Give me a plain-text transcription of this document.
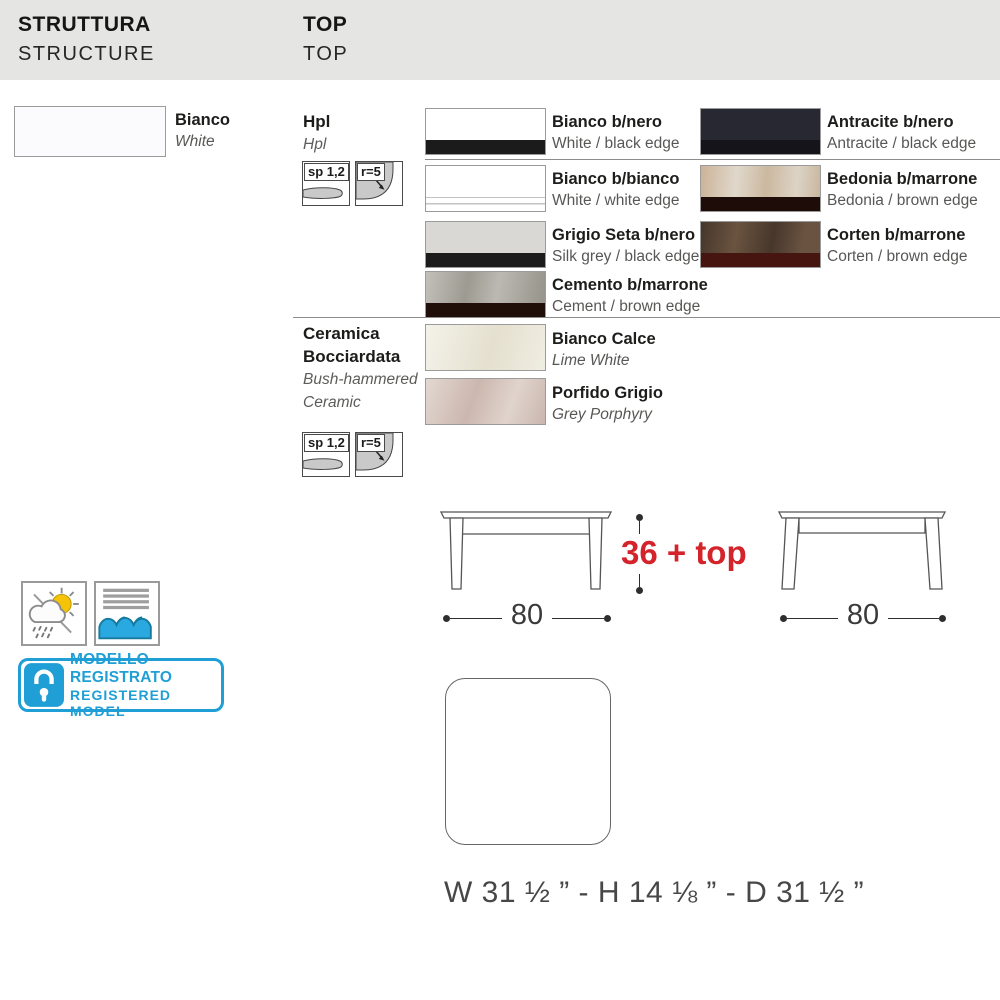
STRUTTURA
STRUCTURE
TOP
TOP
Bianco
White
Hpl
Hpl
sp 1,2	r=5
Bianco b/nero
White / black edge
Bianco b/bianco
White / white edge
Grigio Seta b/nero
Silk grey / black edge
Cemento b/marrone
Cement / brown edge
Antracite b/nero
Antracite / black edge
Bedonia b/marrone
Bedonia / brown edge
Corten b/marrone
Corten / brown edge
Ceramica Bocciardata
Bush-hammered Ceramic
Bianco Calce
Lime White
Porfido Grigio
Grey Porphyry
sp 1,2	r=5
80
36 + top
80
MODELLO REGISTRATO
REGISTERED MODEL
W 31 ½ ” - H 14 ⅛ ” - D 31 ½ ”
